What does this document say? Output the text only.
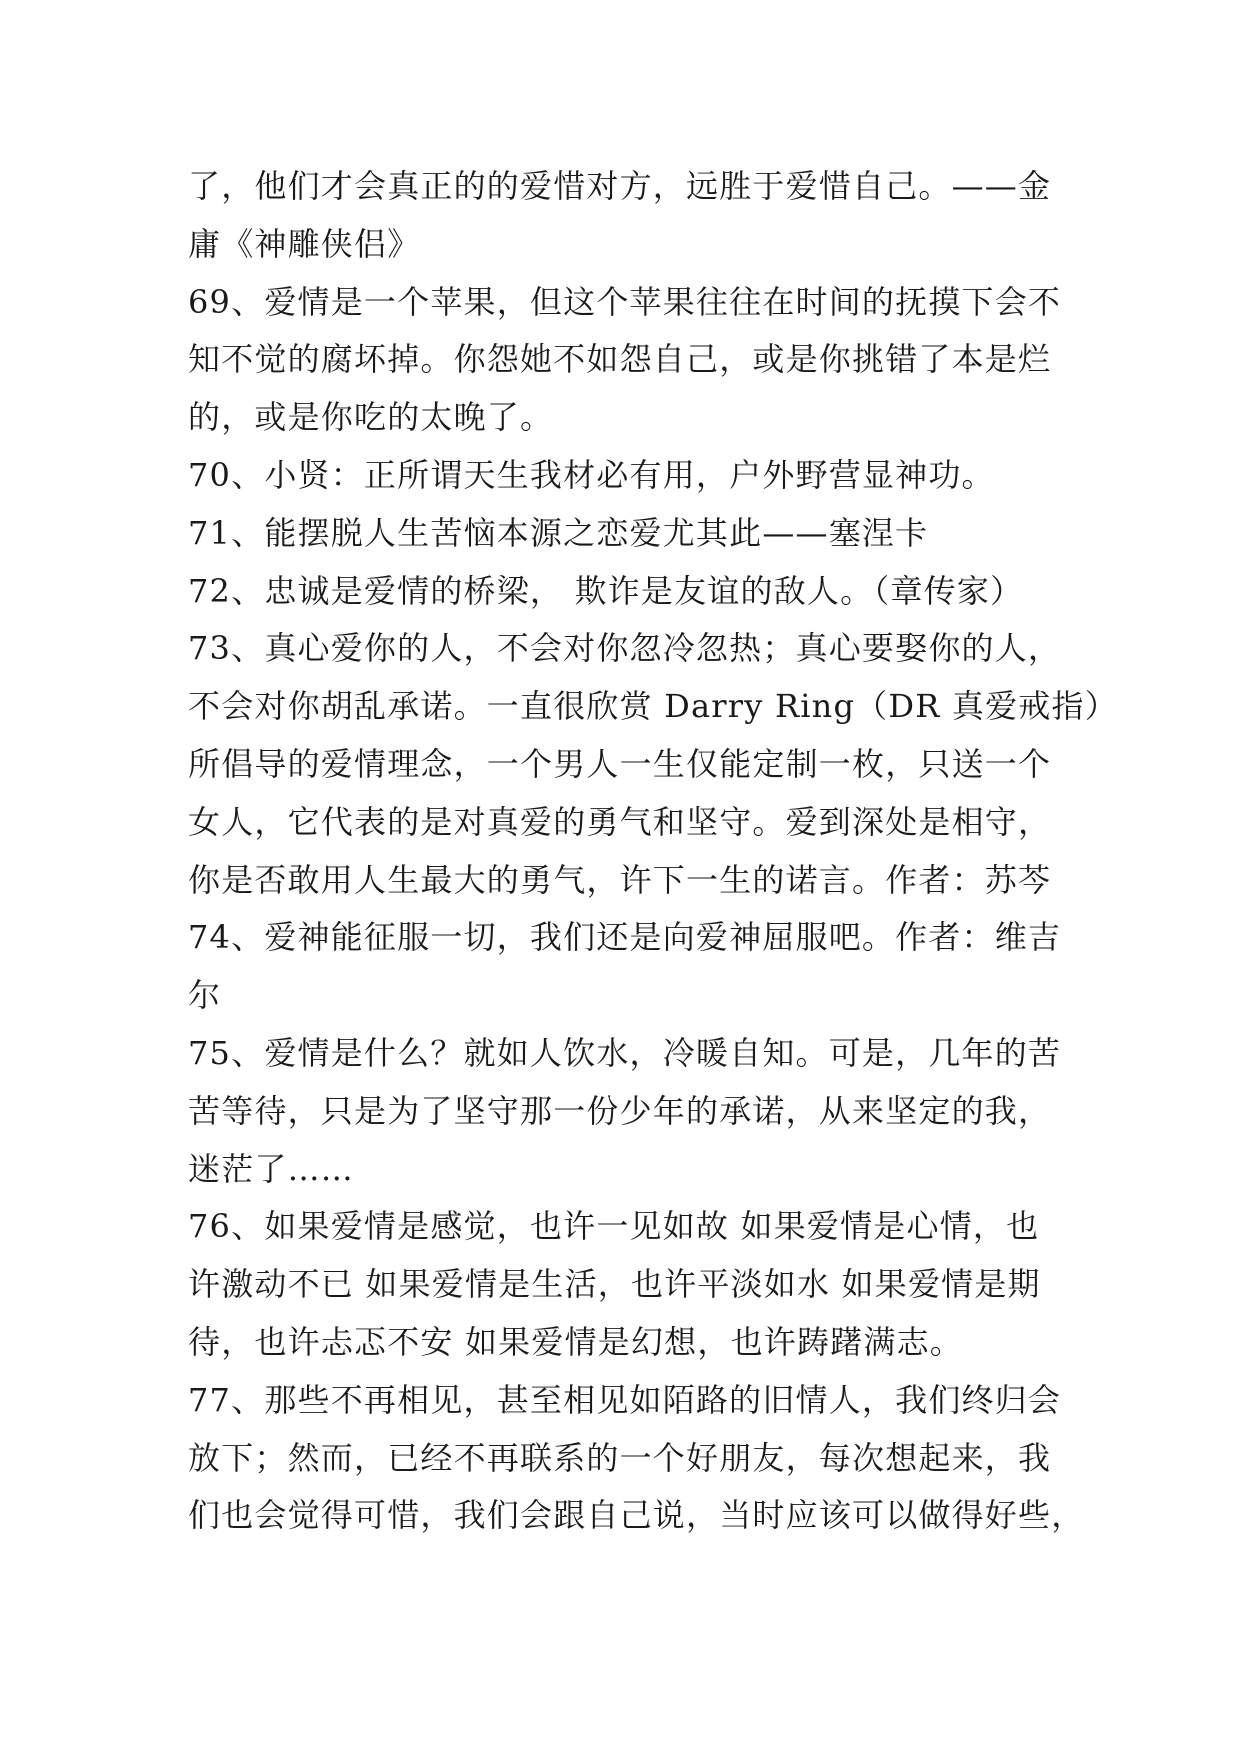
了，他们才会真正的的爱惜对方，远胜于爱惜自己。——金
庸《神雕侠侣》
69、爱情是一个苹果，但这个苹果往往在时间的抚摸下会不
知不觉的腐坏掉。你怨她不如怨自己，或是你挑错了本是烂
的，或是你吃的太晚了。
70、小贤：正所谓天生我材必有用，户外野营显神功。
71、能摆脱人生苦恼本源之恋爱尤其此——塞涅卡
72、忠诚是爱情的桥梁， 欺诈是友谊的敌人。（章传家）
73、真心爱你的人，不会对你忽冷忽热；真心要娶你的人，
不会对你胡乱承诺。一直很欣赏 Darry Ring（DR 真爱戒指）
所倡导的爱情理念，一个男人一生仅能定制一枚，只送一个
女人，它代表的是对真爱的勇气和坚守。爱到深处是相守，
你是否敢用人生最大的勇气，许下一生的诺言。作者：苏芩
74、爱神能征服一切，我们还是向爱神屈服吧。作者：维吉
尔
75、爱情是什么？就如人饮水，冷暖自知。可是，几年的苦
苦等待，只是为了坚守那一份少年的承诺，从来坚定的我，
迷茫了……
76、如果爱情是感觉，也许一见如故 如果爱情是心情，也
许激动不已 如果爱情是生活，也许平淡如水 如果爱情是期
待，也许忐忑不安 如果爱情是幻想，也许踌躇满志。
77、那些不再相见，甚至相见如陌路的旧情人，我们终归会
放下；然而，已经不再联系的一个好朋友，每次想起来，我
们也会觉得可惜，我们会跟自己说，当时应该可以做得好些，
